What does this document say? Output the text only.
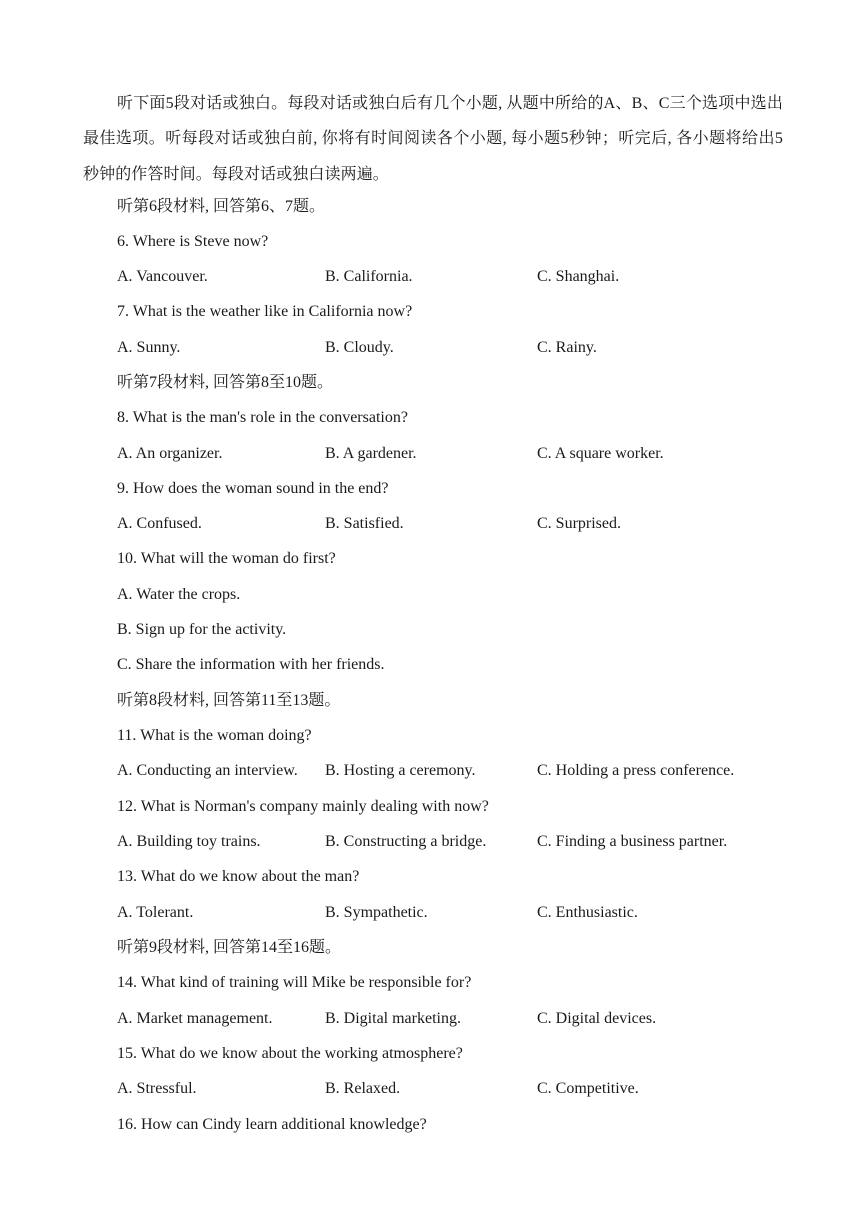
听下面5段对话或独白。每段对话或独白后有几个小题, 从题中所给的A、B、C三个选项中选出最佳选项。听每段对话或独白前, 你将有时间阅读各个小题, 每小题5秒钟；听完后, 各小题将给出5秒钟的作答时间。每段对话或独白读两遍。

听第6段材料, 回答第6、7题。
6. Where is Steve now?
A. Vancouver.	B. California.	C. Shanghai.
7. What is the weather like in California now?
A. Sunny.	B. Cloudy.	C. Rainy.
听第7段材料, 回答第8至10题。
8. What is the man's role in the conversation?
A. An organizer.	B. A gardener.	C. A square worker.
9. How does the woman sound in the end?
A. Confused.	B. Satisfied.	C. Surprised.
10. What will the woman do first?
A. Water the crops.
B. Sign up for the activity.
C. Share the information with her friends.
听第8段材料, 回答第11至13题。
11. What is the woman doing?
A. Conducting an interview. B. Hosting a ceremony.	C. Holding a press conference.
12. What is Norman's company mainly dealing with now?
A. Building toy trains.	B. Constructing a bridge.	C. Finding a business partner.
13. What do we know about the man?
A. Tolerant.	B. Sympathetic.	C. Enthusiastic.
听第9段材料, 回答第14至16题。
14. What kind of training will Mike be responsible for?
A. Market management.	B. Digital marketing.	C. Digital devices.
15. What do we know about the working atmosphere?
A. Stressful.	B. Relaxed.	C. Competitive.
16. How can Cindy learn additional knowledge?
